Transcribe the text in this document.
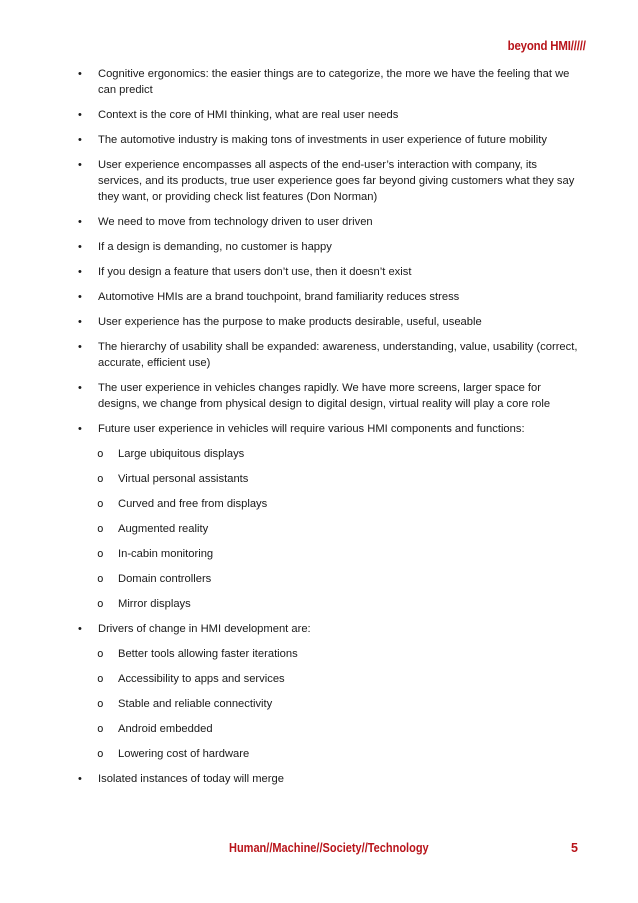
beyond HMI/////
• Cognitive ergonomics: the easier things are to categorize, the more we have the feeling that we can predict
• Context is the core of HMI thinking, what are real user needs
• The automotive industry is making tons of investments in user experience of future mobility
• User experience encompasses all aspects of the end-user’s interaction with company, its services, and its products, true user experience goes far beyond giving customers what they say they want, or providing check list features (Don Norman)
• We need to move from technology driven to user driven
• If a design is demanding, no customer is happy
• If you design a feature that users don’t use, then it doesn’t exist
• Automotive HMIs are a brand touchpoint, brand familiarity reduces stress
• User experience has the purpose to make products desirable, useful, useable
• The hierarchy of usability shall be expanded: awareness, understanding, value, usability (correct, accurate, efficient use)
• The user experience in vehicles changes rapidly. We have more screens, larger space for designs, we change from physical design to digital design, virtual reality will play a core role
• Future user experience in vehicles will require various HMI components and functions:
o Large ubiquitous displays
o Virtual personal assistants
o Curved and free from displays
o Augmented reality
o In-cabin monitoring
o Domain controllers
o Mirror displays
• Drivers of change in HMI development are:
o Better tools allowing faster iterations
o Accessibility to apps and services
o Stable and reliable connectivity
o Android embedded
o Lowering cost of hardware
• Isolated instances of today will merge
Human//Machine//Society//Technology	5
